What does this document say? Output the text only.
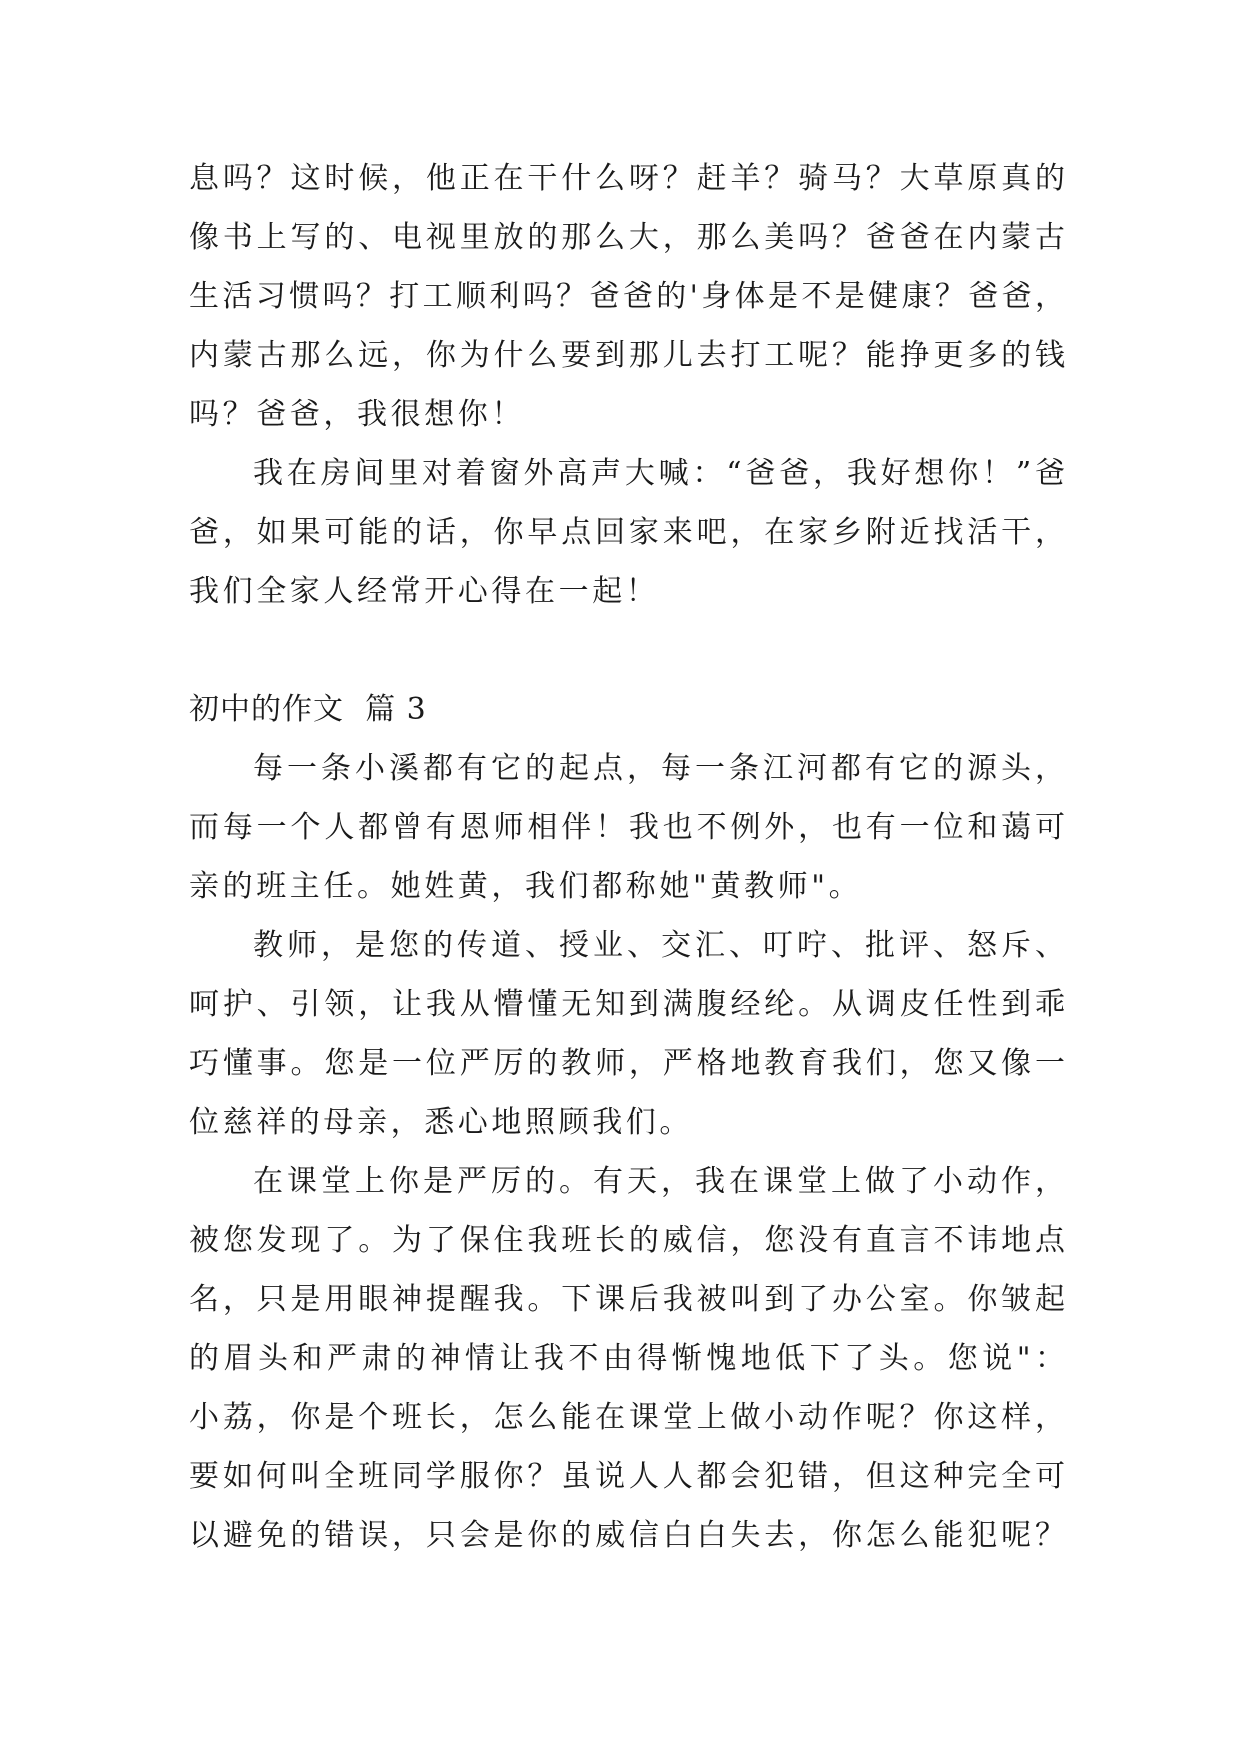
息吗？这时候，他正在干什么呀？赶羊？骑马？大草原真的
像书上写的、电视里放的那么大，那么美吗？爸爸在内蒙古
生活习惯吗？打工顺利吗？爸爸的'身体是不是健康？爸爸，
内蒙古那么远，你为什么要到那儿去打工呢？能挣更多的钱
吗？爸爸，我很想你！
我在房间里对着窗外高声大喊：“爸爸，我好想你！”爸
爸，如果可能的话，你早点回家来吧，在家乡附近找活干，
我们全家人经常开心得在一起！
初中的作文  篇 3
每一条小溪都有它的起点，每一条江河都有它的源头，
而每一个人都曾有恩师相伴！我也不例外，也有一位和蔼可
亲的班主任。她姓黄，我们都称她"黄教师"。
教师，是您的传道、授业、交汇、叮咛、批评、怒斥、
呵护、引领，让我从懵懂无知到满腹经纶。从调皮任性到乖
巧懂事。您是一位严厉的教师，严格地教育我们，您又像一
位慈祥的母亲，悉心地照顾我们。
在课堂上你是严厉的。有天，我在课堂上做了小动作，
被您发现了。为了保住我班长的威信，您没有直言不讳地点
名，只是用眼神提醒我。下课后我被叫到了办公室。你皱起
的眉头和严肃的神情让我不由得惭愧地低下了头。您说"：
小荔，你是个班长，怎么能在课堂上做小动作呢？你这样，
要如何叫全班同学服你？虽说人人都会犯错，但这种完全可
以避免的错误，只会是你的威信白白失去，你怎么能犯呢？
